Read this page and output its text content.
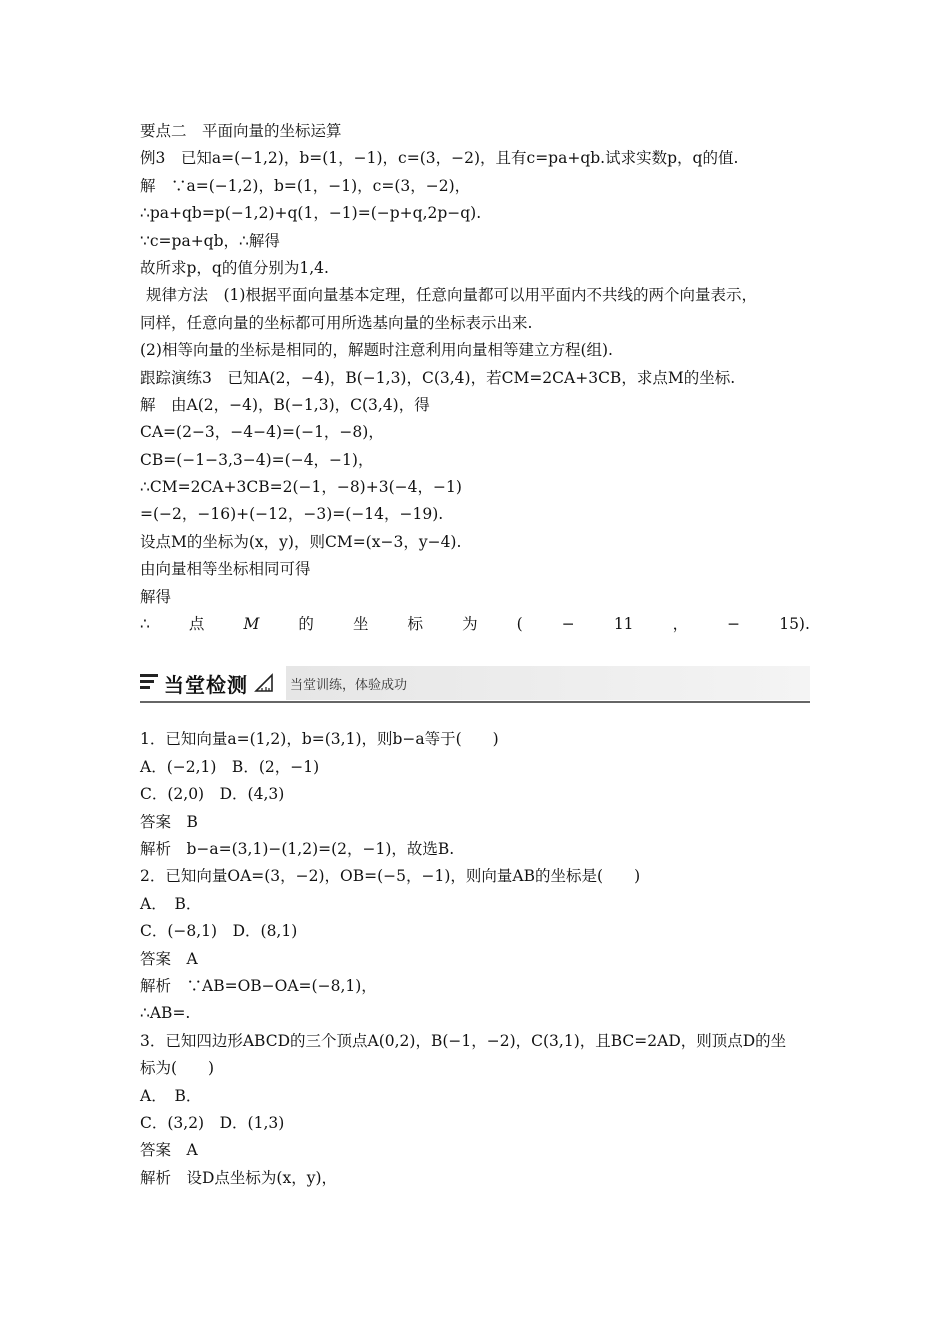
要点二　平面向量的坐标运算
例3　已知a=(−1,2)，b=(1，−1)，c=(3，−2)，且有c=pa+qb.试求实数p，q的值.
解　∵a=(−1,2)，b=(1，−1)，c=(3，−2)，
∴pa+qb=p(−1,2)+q(1，−1)=(−p+q,2p−q).
∵c=pa+qb，∴解得
故所求p，q的值分别为1,4.
规律方法　(1)根据平面向量基本定理，任意向量都可以用平面内不共线的两个向量表示，
同样，任意向量的坐标都可用所选基向量的坐标表示出来.
(2)相等向量的坐标是相同的，解题时注意利用向量相等建立方程(组).
跟踪演练3　已知A(2，−4)，B(−1,3)，C(3,4)，若CM=2CA+3CB，求点M的坐标.
解　由A(2，−4)，B(−1,3)，C(3,4)，得
CA=(2−3，−4−4)=(−1，−8)，
CB=(−1−3,3−4)=(−4，−1)，
∴CM=2CA+3CB=2(−1，−8)+3(−4，−1)
=(−2，−16)+(−12，−3)=(−14，−19).
设点M的坐标为(x，y)，则CM=(x−3，y−4).
由向量相等坐标相同可得
解得
∴	点	M	的	坐	标	为	(	−	11	，	−	15).
当堂检测	当堂训练，体验成功
1．已知向量a=(1,2)，b=(3,1)，则b−a等于(　　)
A．(−2,1)　B．(2，−1)
C．(2,0)　D．(4,3)
答案　B
解析　b−a=(3,1)−(1,2)=(2，−1)，故选B.
2．已知向量OA=(3，−2)，OB=(−5，−1)，则向量AB的坐标是(　　)
A．　B．
C．(−8,1)　D．(8,1)
答案　A
解析　∵AB=OB−OA=(−8,1)，
∴AB=.
3．已知四边形ABCD的三个顶点A(0,2)，B(−1，−2)，C(3,1)，且BC=2AD，则顶点D的坐
标为(　　)
A．　B．
C．(3,2)　D．(1,3)
答案　A
解析　设D点坐标为(x，y)，
